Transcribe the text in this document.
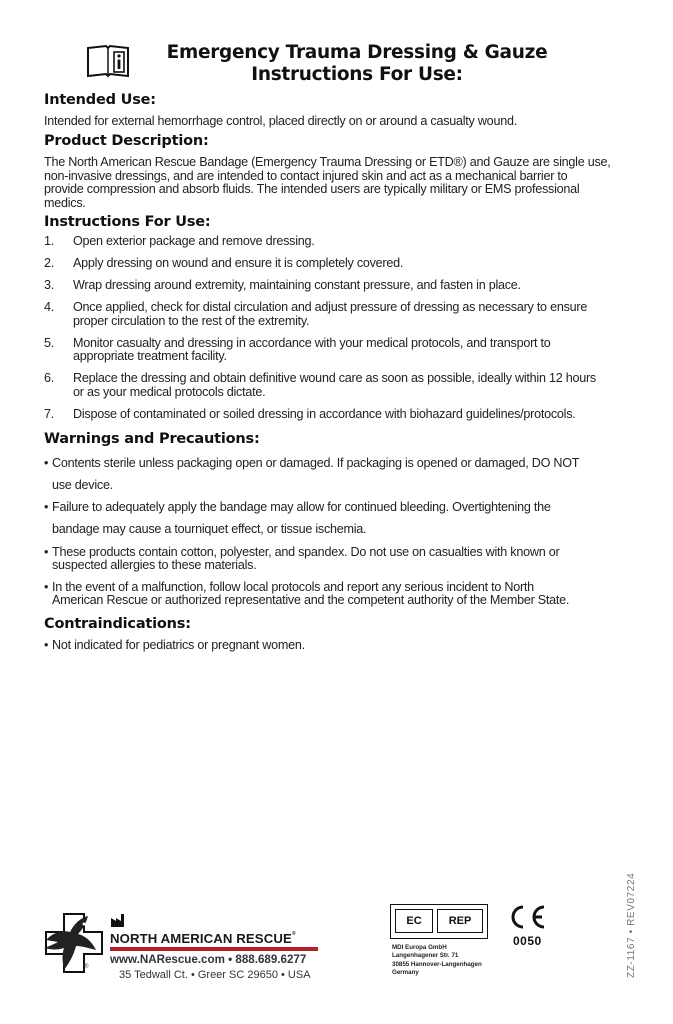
Emergency Trauma Dressing & Gauze
Instructions For Use:
Intended Use:

Intended for external hemorrhage control, placed directly on or around a casualty wound.

Product Description:
The North American Rescue Bandage (Emergency Trauma Dressing or ETD®) and Gauze are single use,
non-invasive dressings, and are intended to contact injured skin and act as a mechanical barrier to
provide compression and absorb fluids. The intended users are typically military or EMS professional
medics.
Instructions For Use:
1. Open exterior package and remove dressing.
2. Apply dressing on wound and ensure it is completely covered.
3. Wrap dressing around extremity, maintaining constant pressure, and fasten in place.
4. Once applied, check for distal circulation and adjust pressure of dressing as necessary to ensure
proper circulation to the rest of the extremity.
5. Monitor casualty and dressing in accordance with your medical protocols, and transport to
appropriate treatment facility.
6. Replace the dressing and obtain definitive wound care as soon as possible, ideally within 12 hours
or as your medical protocols dictate.
7. Dispose of contaminated or soiled dressing in accordance with biohazard guidelines/protocols.
Warnings and Precautions:
• Contents sterile unless packaging open or damaged. If packaging is opened or damaged, DO NOT
use device.
• Failure to adequately apply the bandage may allow for continued bleeding. Overtightening the
bandage may cause a tourniquet effect, or tissue ischemia.
• These products contain cotton, polyester, and spandex. Do not use on casualties with known or
suspected allergies to these materials.
• In the event of a malfunction, follow local protocols and report any serious incident to North
American Rescue or authorized representative and the competent authority of the Member State.
Contraindications:
• Not indicated for pediatrics or pregnant women.
®
NORTH AMERICAN RESCUE®
www.NARescue.com • 888.689.6277
35 Tedwall Ct. • Greer SC 29650 • USA
EC	REP
MDI Europa GmbH
Langenhagener Str. 71
30855 Hannover-Langenhagen
Germany
0050	ZZ-1167 • REV07224
